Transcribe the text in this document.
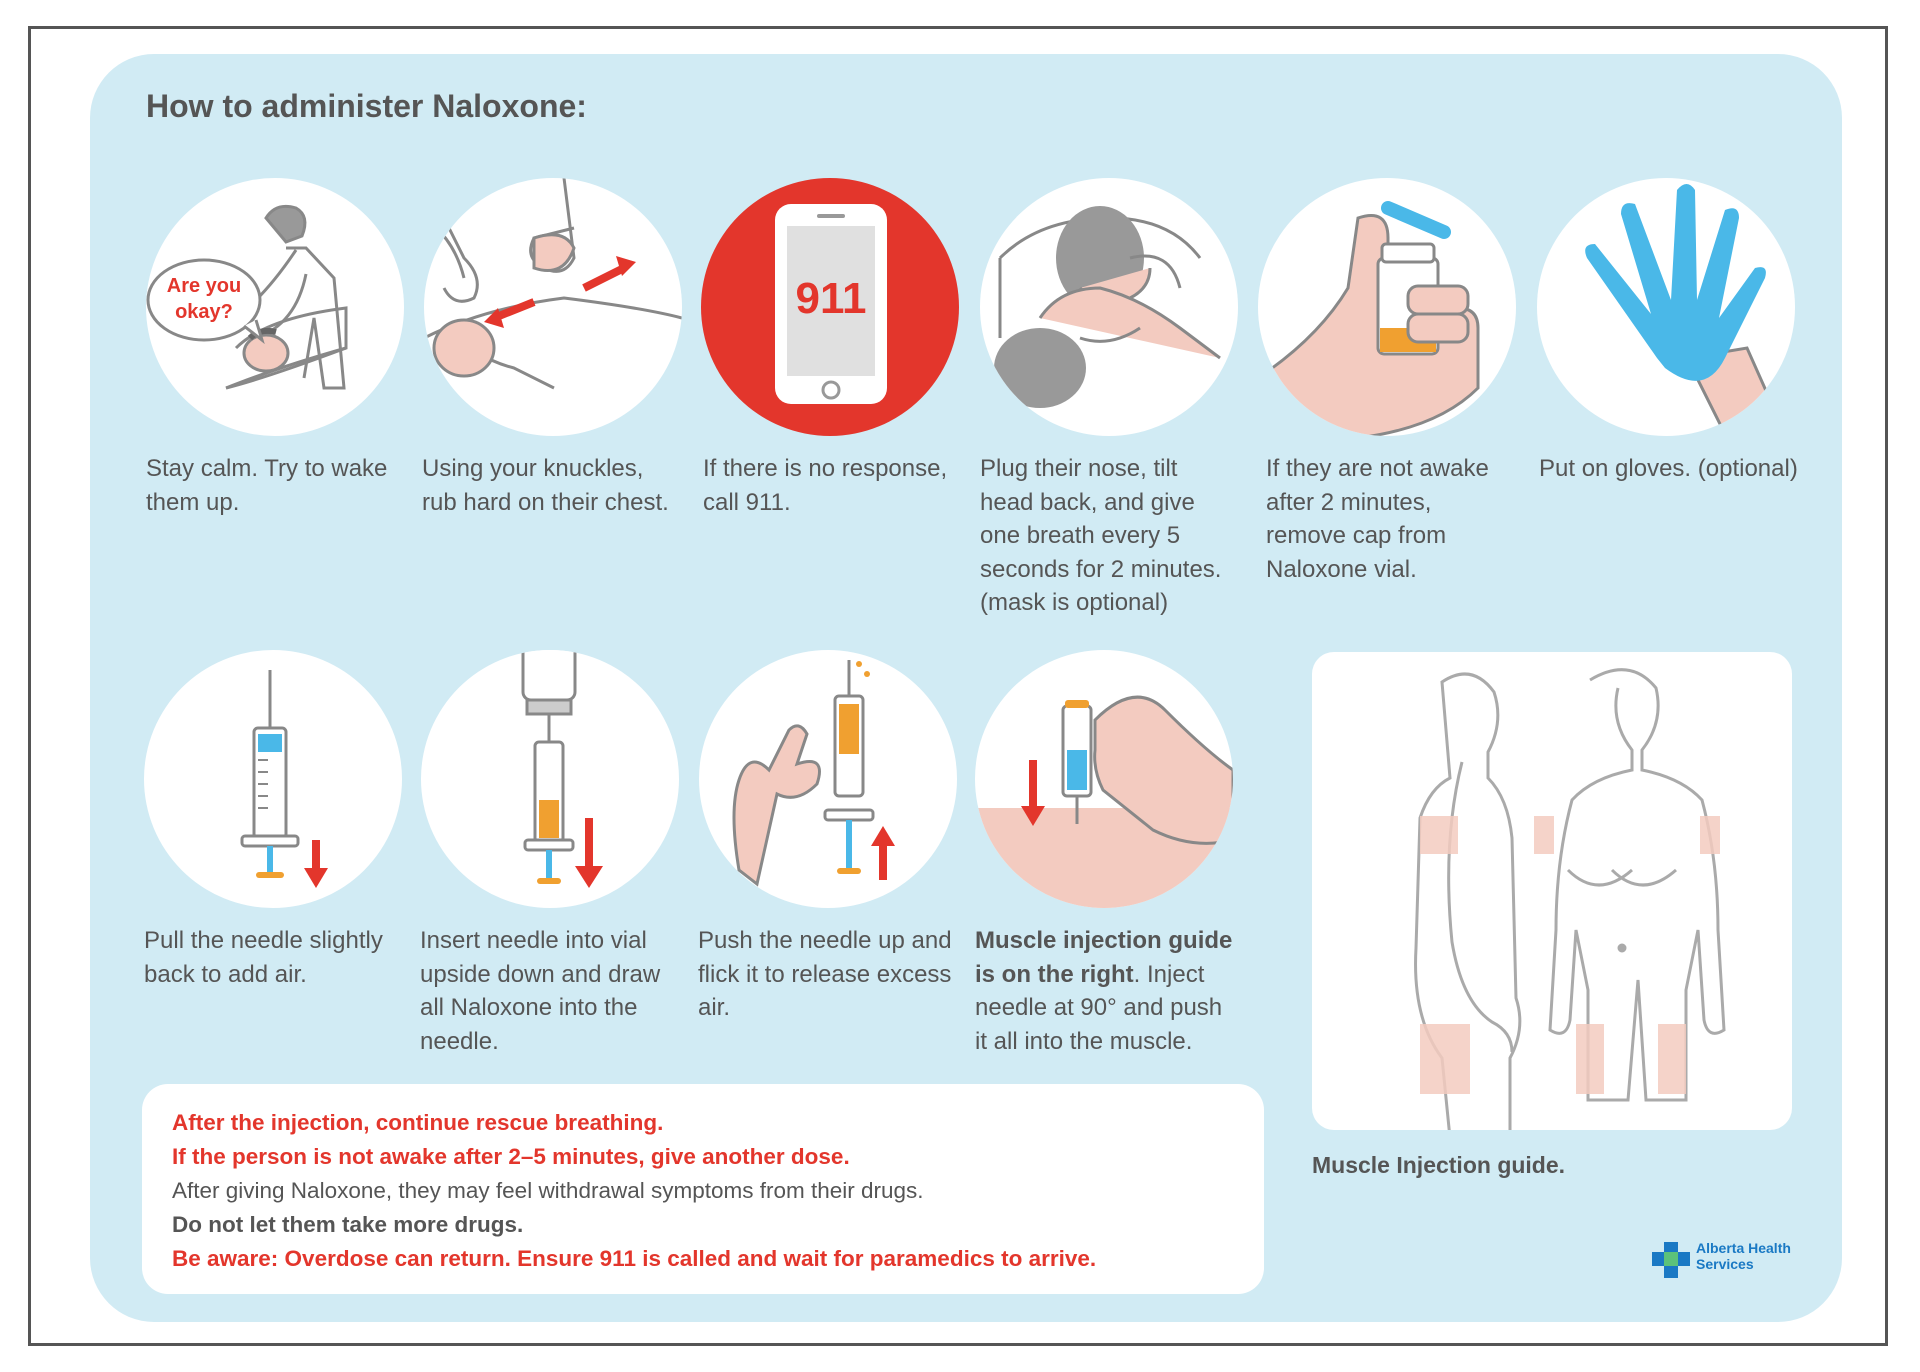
How to administer Naloxone:
Are you
okay?	911
Stay calm. Try to wake them up.
Using your knuckles, rub hard on their chest.
If there is no response, call 911.
Plug their nose, tilt head back, and give one breath every 5 seconds for 2 minutes. (mask is optional)
If they are not awake after 2 minutes, remove cap from Naloxone vial.
Put on gloves. (optional)
Pull the needle slightly back to add air.
Insert needle into vial upside down and draw all Naloxone into the needle.
Push the needle up and flick it to release excess air.
Muscle injection guide is on the right. Inject needle at 90° and push it all into the muscle.
Muscle Injection guide.

After the injection, continue rescue breathing.

If the person is not awake after 2–5 minutes, give another dose.

After giving Naloxone, they may feel withdrawal symptoms from their drugs.

Do not let them take more drugs.

Be aware: Overdose can return. Ensure 911 is called and wait for paramedics to arrive.	Alberta Health
Services
